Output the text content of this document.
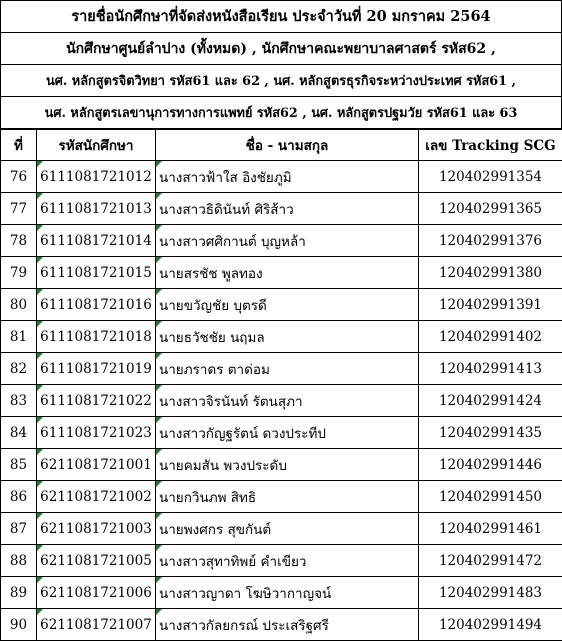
รายชื่อนักศึกษาที่จัดส่งหนังสือเรียน ประจำวันที่ 20 มกราคม 2564
นักศึกษาศูนย์ลำปาง (ทั้งหมด) , นักศึกษาคณะพยาบาลศาสตร์ รหัส62 ,
นศ. หลักสูตรจิตวิทยา รหัส61 และ 62 , นศ. หลักสูตรธุรกิจระหว่างประเทศ รหัส61 ,
นศ. หลักสูตรเลขานุการทางการแพทย์ รหัส62 , นศ. หลักสูตรปฐมวัย รหัส61 และ 63
ที่	รหัสนักศึกษา	ชื่อ - นามสกุล	เลข Tracking SCG
76	6111081721012	นางสาวฟ้าใส อิงชัยภูมิ	120402991354
77	6111081721013	นางสาวธิดินันท์ ศิริส้าว	120402991365
78	6111081721014	นางสาวศศิกานต์ บุญหล้า	120402991376
79	6111081721015	นายสรชัช พูลทอง	120402991380
80	6111081721016	นายขวัญชัย บุตรดี	120402991391
81	6111081721018	นายธวัชชัย นฤมล	120402991402
82	6111081721019	นายภราดร ตาด่อม	120402991413
83	6111081721022	นางสาวจิรนันท์ รัตนสุภา	120402991424
84	6111081721023	นางสาวกัญฐรัตน์ ดวงประทีป	120402991435
85	6211081721001	นายคมสัน พวงประดับ	120402991446
86	6211081721002	นายกวินภพ สิทธิ	120402991450
87	6211081721003	นายพงศกร สุขกันต์	120402991461
88	6211081721005	นางสาวสุทาทิพย์ คำเขียว	120402991472
89	6211081721006	นางสาวญาดา โฆษิวากาญจน์	120402991483
90	6211081721007	นางสาวกัลยกรณ์ ประเสริฐศรี	120402991494
